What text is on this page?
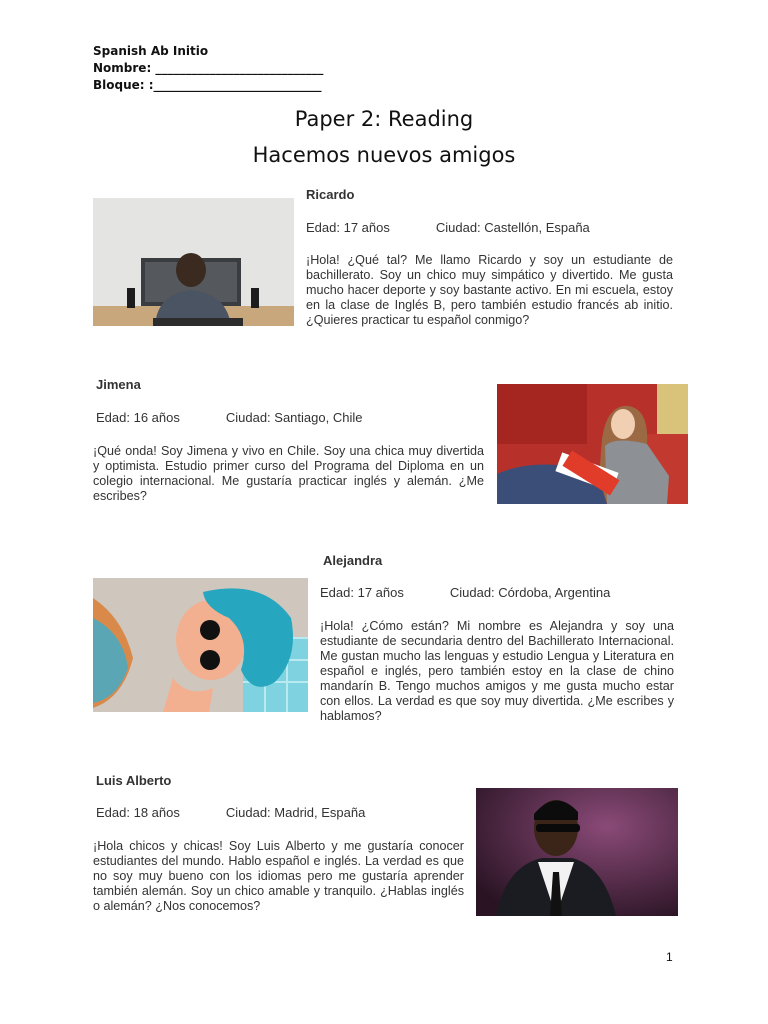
Spanish Ab Initio
Nombre: ____________________________
Bloque: :____________________________
Paper 2: Reading
Hacemos nuevos amigos
Ricardo
Edad: 17 años	Ciudad: Castellón, España
¡Hola! ¿Qué tal? Me llamo Ricardo y soy un estudiante de bachillerato. Soy un chico muy simpático y divertido. Me gusta mucho hacer deporte y soy bastante activo. En mi escuela, estoy en la clase de Inglés B, pero también estudio francés ab initio. ¿Quieres practicar tu español conmigo?
Jimena
Edad: 16 años	Ciudad: Santiago, Chile
¡Qué onda! Soy Jimena y vivo en Chile. Soy una chica muy divertida y optimista. Estudio primer curso del Programa del Diploma en un colegio internacional. Me gustaría practicar inglés y alemán. ¿Me escribes?
Alejandra
Edad: 17 años	Ciudad: Córdoba, Argentina
¡Hola! ¿Cómo están? Mi nombre es Alejandra y soy una estudiante de secundaria dentro del Bachillerato Internacional. Me gustan mucho las lenguas y estudio Lengua y Literatura en español e inglés, pero también estoy en la clase de chino mandarín B. Tengo muchos amigos y me gusta mucho estar con ellos. La verdad es que soy muy divertida. ¿Me escribes y hablamos?
Luis Alberto
Edad: 18 años	Ciudad: Madrid, España
¡Hola chicos y chicas! Soy Luis Alberto y me gustaría conocer estudiantes del mundo. Hablo español e inglés. La verdad es que no soy muy bueno con los idiomas pero me gustaría aprender también alemán. Soy un chico amable y tranquilo. ¿Hablas inglés o alemán? ¿Nos conocemos?
1
